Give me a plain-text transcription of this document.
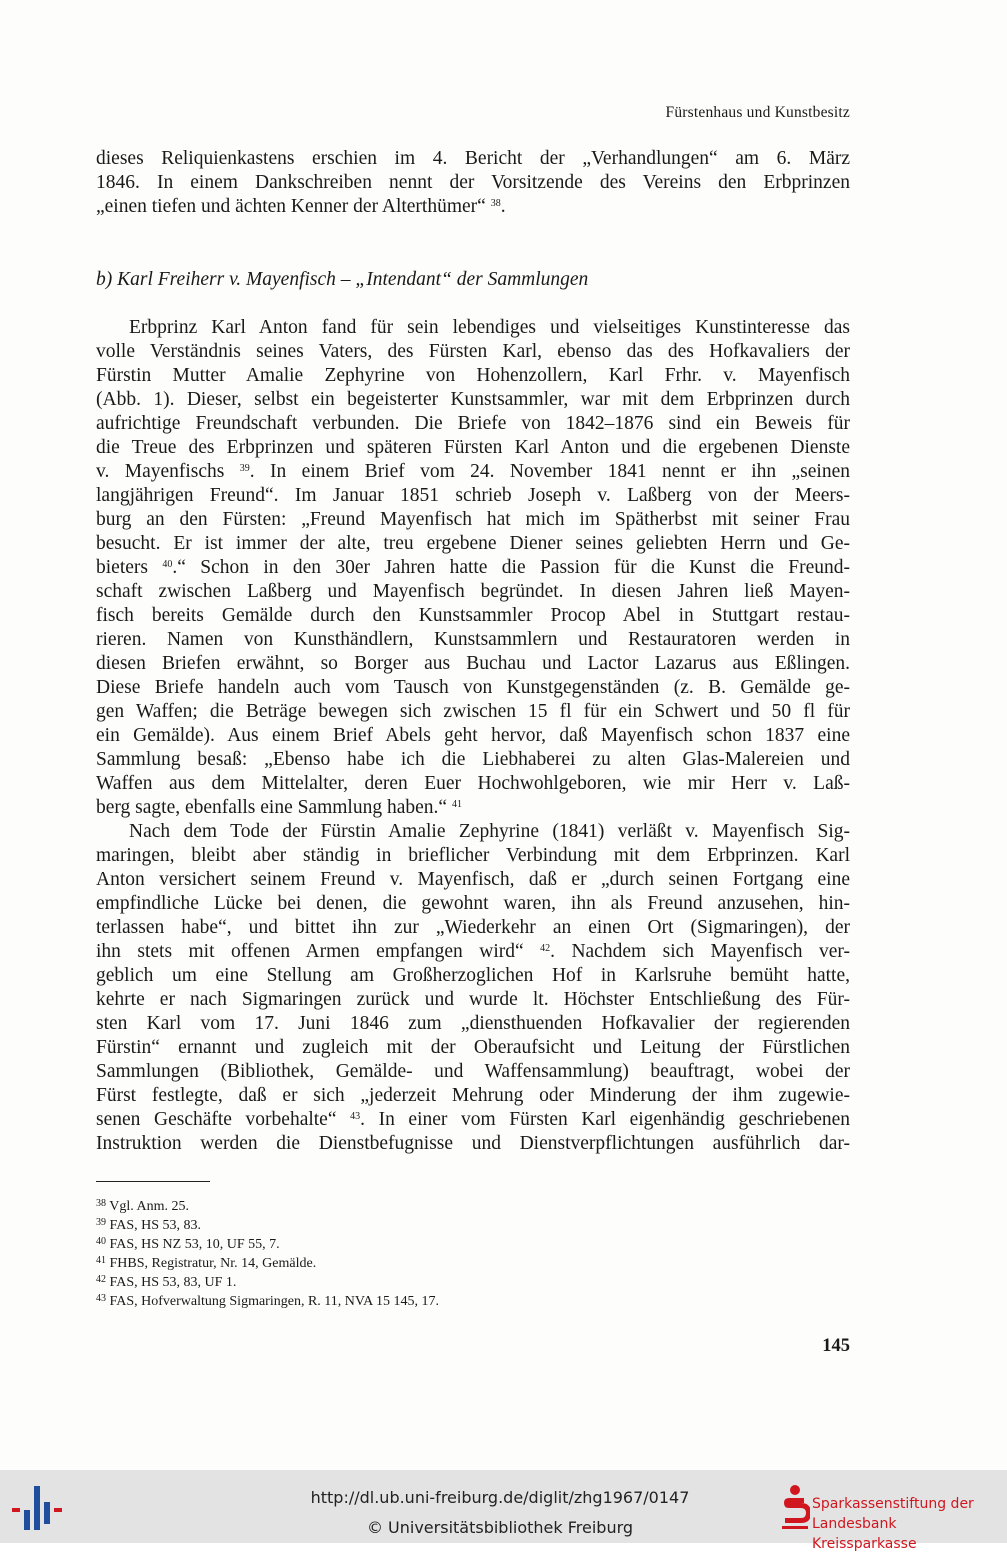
Fürstenhaus und Kunstbesitz
dieses Reliquienkastens erschien im 4. Bericht der „Verhandlungen“ am 6. März
1846. In einem Dankschreiben nennt der Vorsitzende des Vereins den Erbprinzen
„einen tiefen und ächten Kenner der Alterthümer“ $^{38}$.
b) Karl Freiherr v. Mayenfisch – „Intendant“ der Sammlungen
Erbprinz Karl Anton fand für sein lebendiges und vielseitiges Kunstinteresse das
volle Verständnis seines Vaters, des Fürsten Karl, ebenso das des Hofkavaliers der
Fürstin Mutter Amalie Zephyrine von Hohenzollern, Karl Frhr. v. Mayenfisch
(Abb. 1). Dieser, selbst ein begeisterter Kunstsammler, war mit dem Erbprinzen durch
aufrichtige Freundschaft verbunden. Die Briefe von 1842–1876 sind ein Beweis für
die Treue des Erbprinzen und späteren Fürsten Karl Anton und die ergebenen Dienste
v. Mayenfischs $^{39}$. In einem Brief vom 24. November 1841 nennt er ihn „seinen
langjährigen Freund“. Im Januar 1851 schrieb Joseph v. Laßberg von der Meers-
burg an den Fürsten: „Freund Mayenfisch hat mich im Spätherbst mit seiner Frau
besucht. Er ist immer der alte, treu ergebene Diener seines geliebten Herrn und Ge-
bieters $^{40}$.“ Schon in den 30er Jahren hatte die Passion für die Kunst die Freund-
schaft zwischen Laßberg und Mayenfisch begründet. In diesen Jahren ließ Mayen-
fisch bereits Gemälde durch den Kunstsammler Procop Abel in Stuttgart restau-
rieren. Namen von Kunsthändlern, Kunstsammlern und Restauratoren werden in
diesen Briefen erwähnt, so Borger aus Buchau und Lactor Lazarus aus Eßlingen.
Diese Briefe handeln auch vom Tausch von Kunstgegenständen (z. B. Gemälde ge-
gen Waffen; die Beträge bewegen sich zwischen 15 fl für ein Schwert und 50 fl für
ein Gemälde). Aus einem Brief Abels geht hervor, daß Mayenfisch schon 1837 eine
Sammlung besaß: „Ebenso habe ich die Liebhaberei zu alten Glas-Malereien und
Waffen aus dem Mittelalter, deren Euer Hochwohlgeboren, wie mir Herr v. Laß-
berg sagte, ebenfalls eine Sammlung haben.“ $^{41}$
Nach dem Tode der Fürstin Amalie Zephyrine (1841) verläßt v. Mayenfisch Sig-
maringen, bleibt aber ständig in brieflicher Verbindung mit dem Erbprinzen. Karl
Anton versichert seinem Freund v. Mayenfisch, daß er „durch seinen Fortgang eine
empfindliche Lücke bei denen, die gewohnt waren, ihn als Freund anzusehen, hin-
terlassen habe“, und bittet ihn zur „Wiederkehr an einen Ort (Sigmaringen), der
ihn stets mit offenen Armen empfangen wird“ $^{42}$. Nachdem sich Mayenfisch ver-
geblich um eine Stellung am Großherzoglichen Hof in Karlsruhe bemüht hatte,
kehrte er nach Sigmaringen zurück und wurde lt. Höchster Entschließung des Für-
sten Karl vom 17. Juni 1846 zum „diensthuenden Hofkavalier der regierenden
Fürstin“ ernannt und zugleich mit der Oberaufsicht und Leitung der Fürstlichen
Sammlungen (Bibliothek, Gemälde- und Waffensammlung) beauftragt, wobei der
Fürst festlegte, daß er sich „jederzeit Mehrung oder Minderung der ihm zugewie-
senen Geschäfte vorbehalte“ $^{43}$. In einer vom Fürsten Karl eigenhändig geschriebenen
Instruktion werden die Dienstbefugnisse und Dienstverpflichtungen ausführlich dar-
$^{38}$ Vgl. Anm. 25.
$^{39}$ FAS, HS 53, 83.
$^{40}$ FAS, HS NZ 53, 10, UF 55, 7.
$^{41}$ FHBS, Registratur, Nr. 14, Gemälde.
$^{42}$ FAS, HS 53, 83, UF 1.
$^{43}$ FAS, Hofverwaltung Sigmaringen, R. 11, NVA 15 145, 17.
145
http://dl.ub.uni-freiburg.de/diglit/zhg1967/0147
© Universitätsbibliothek Freiburg
Sparkassenstiftung der
Landesbank Kreissparkasse
